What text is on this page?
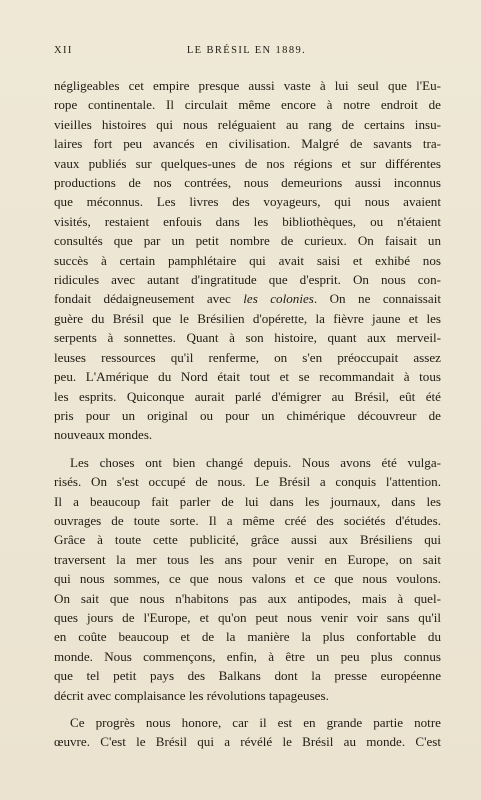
XII	LE BRÉSIL EN 1889.
négligeables cet empire presque aussi vaste à lui seul que l'Eu-
rope continentale. Il circulait même encore à notre endroit de
vieilles histoires qui nous reléguaient au rang de certains insu-
laires fort peu avancés en civilisation. Malgré de savants tra-
vaux publiés sur quelques-unes de nos régions et sur différentes
productions de nos contrées, nous demeurions aussi inconnus
que méconnus. Les livres des voyageurs, qui nous avaient
visités, restaient enfouis dans les bibliothèques, ou n'étaient
consultés que par un petit nombre de curieux. On faisait un
succès à certain pamphlétaire qui avait saisi et exhibé nos
ridicules avec autant d'ingratitude que d'esprit. On nous con-
fondait dédaigneusement avec les colonies. On ne connaissait
guère du Brésil que le Brésilien d'opérette, la fièvre jaune et les
serpents à sonnettes. Quant à son histoire, quant aux merveil-
leuses ressources qu'il renferme, on s'en préoccupait assez
peu. L'Amérique du Nord était tout et se recommandait à tous
les esprits. Quiconque aurait parlé d'émigrer au Brésil, eût été
pris pour un original ou pour un chimérique découvreur de
nouveaux mondes.
Les choses ont bien changé depuis. Nous avons été vulga-
risés. On s'est occupé de nous. Le Brésil a conquis l'attention.
Il a beaucoup fait parler de lui dans les journaux, dans les
ouvrages de toute sorte. Il a même créé des sociétés d'études.
Grâce à toute cette publicité, grâce aussi aux Brésiliens qui
traversent la mer tous les ans pour venir en Europe, on sait
qui nous sommes, ce que nous valons et ce que nous voulons.
On sait que nous n'habitons pas aux antipodes, mais à quel-
ques jours de l'Europe, et qu'on peut nous venir voir sans qu'il
en coûte beaucoup et de la manière la plus confortable du
monde. Nous commençons, enfin, à être un peu plus connus
que tel petit pays des Balkans dont la presse européenne
décrit avec complaisance les révolutions tapageuses.
Ce progrès nous honore, car il est en grande partie notre
œuvre. C'est le Brésil qui a révélé le Brésil au monde. C'est
